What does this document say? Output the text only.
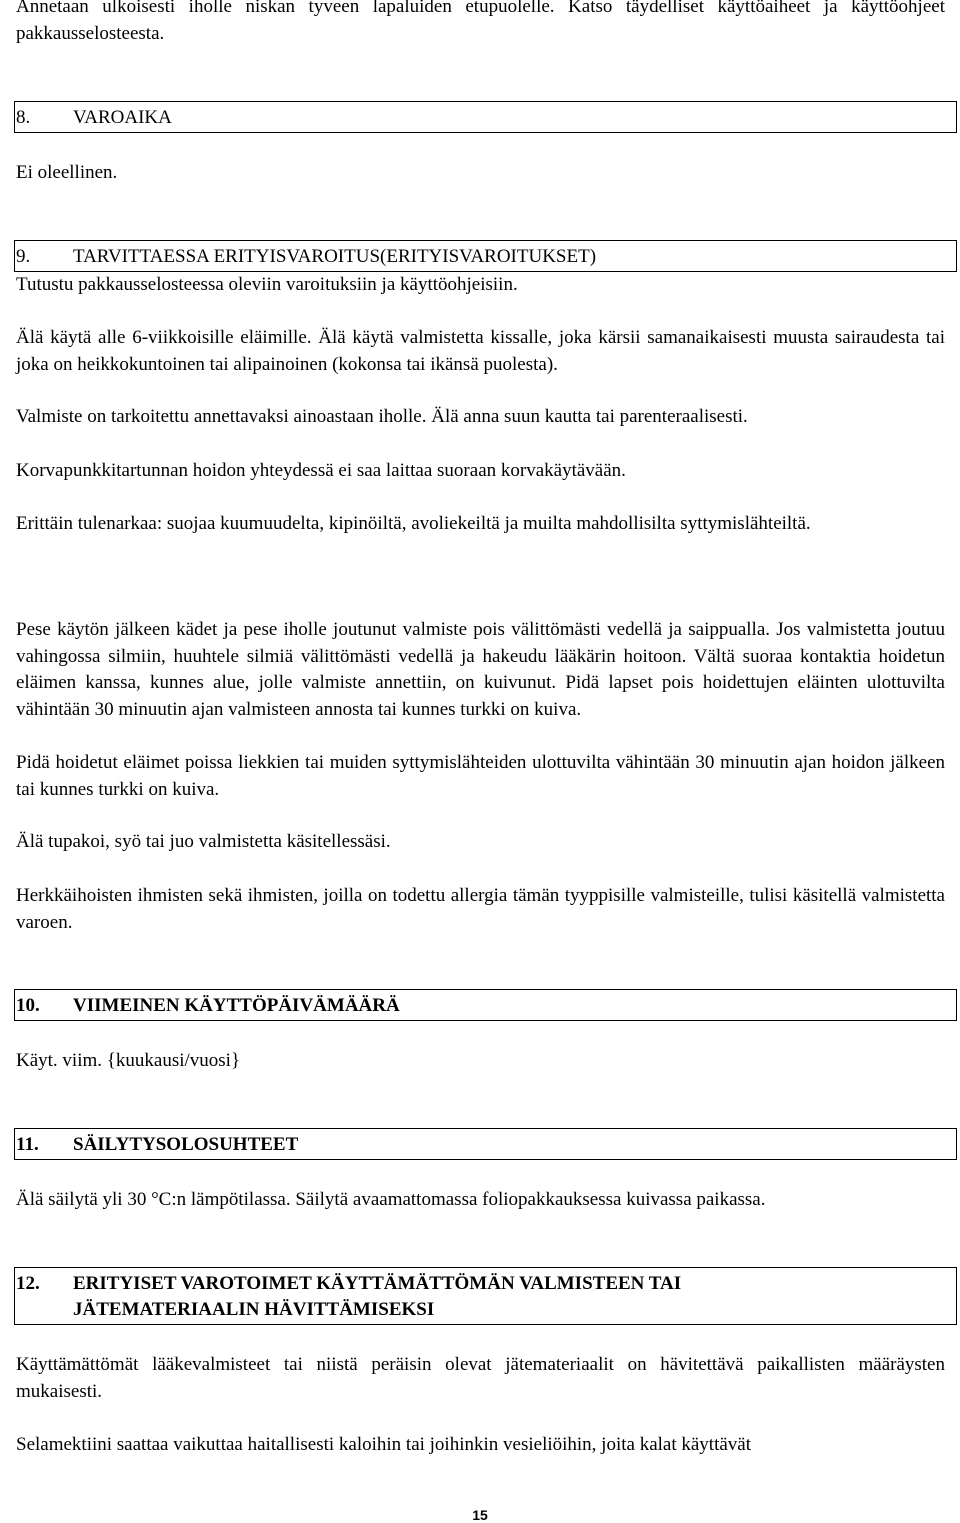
Annetaan ulkoisesti iholle niskan tyveen lapaluiden etupuolelle. Katso täydelliset käyttöaiheet ja käyttöohjeet pakkausselosteesta.

8. VAROAIKA

Ei oleellinen.

9. TARVITTAESSA ERITYISVAROITUS(ERITYISVAROITUKSET)

Tutustu pakkausselosteessa oleviin varoituksiin ja käyttöohjeisiin.

Älä käytä alle 6-viikkoisille eläimille. Älä käytä valmistetta kissalle, joka kärsii samanaikaisesti muusta sairaudesta tai joka on heikkokuntoinen tai alipainoinen (kokonsa tai ikänsä puolesta).

Valmiste on tarkoitettu annettavaksi ainoastaan iholle. Älä anna suun kautta tai parenteraalisesti.

Korvapunkkitartunnan hoidon yhteydessä ei saa laittaa suoraan korvakäytävään.

Erittäin tulenarkaa: suojaa kuumuudelta, kipinöiltä, avoliekeiltä ja muilta mahdollisilta syttymislähteiltä.

Pese käytön jälkeen kädet ja pese iholle joutunut valmiste pois välittömästi vedellä ja saippualla. Jos valmistetta joutuu vahingossa silmiin, huuhtele silmiä välittömästi vedellä ja hakeudu lääkärin hoitoon. Vältä suoraa kontaktia hoidetun eläimen kanssa, kunnes alue, jolle valmiste annettiin, on kuivunut. Pidä lapset pois hoidettujen eläinten ulottuvilta vähintään 30 minuutin ajan valmisteen annosta tai kunnes turkki on kuiva.

Pidä hoidetut eläimet poissa liekkien tai muiden syttymislähteiden ulottuvilta vähintään 30 minuutin ajan hoidon jälkeen tai kunnes turkki on kuiva.

Älä tupakoi, syö tai juo valmistetta käsitellessäsi.

Herkkäihoisten ihmisten sekä ihmisten, joilla on todettu allergia tämän tyyppisille valmisteille, tulisi käsitellä valmistetta varoen.

10. VIIMEINEN KÄYTTÖPÄIVÄMÄÄRÄ

Käyt. viim. {kuukausi/vuosi}

11. SÄILYTYSOLOSUHTEET

Älä säilytä yli 30 °C:n lämpötilassa. Säilytä avaamattomassa foliopakkauksessa kuivassa paikassa.

12. ERITYISET VAROTOIMET KÄYTTÄMÄTTÖMÄN VALMISTEEN TAI
JÄTEMATERIAALIN HÄVITTÄMISEKSI

Käyttämättömät lääkevalmisteet tai niistä peräisin olevat jätemateriaalit on hävitettävä paikallisten määräysten mukaisesti.

Selamektiini saattaa vaikuttaa haitallisesti kaloihin tai joihinkin vesieliöihin, joita kalat käyttävät

15
